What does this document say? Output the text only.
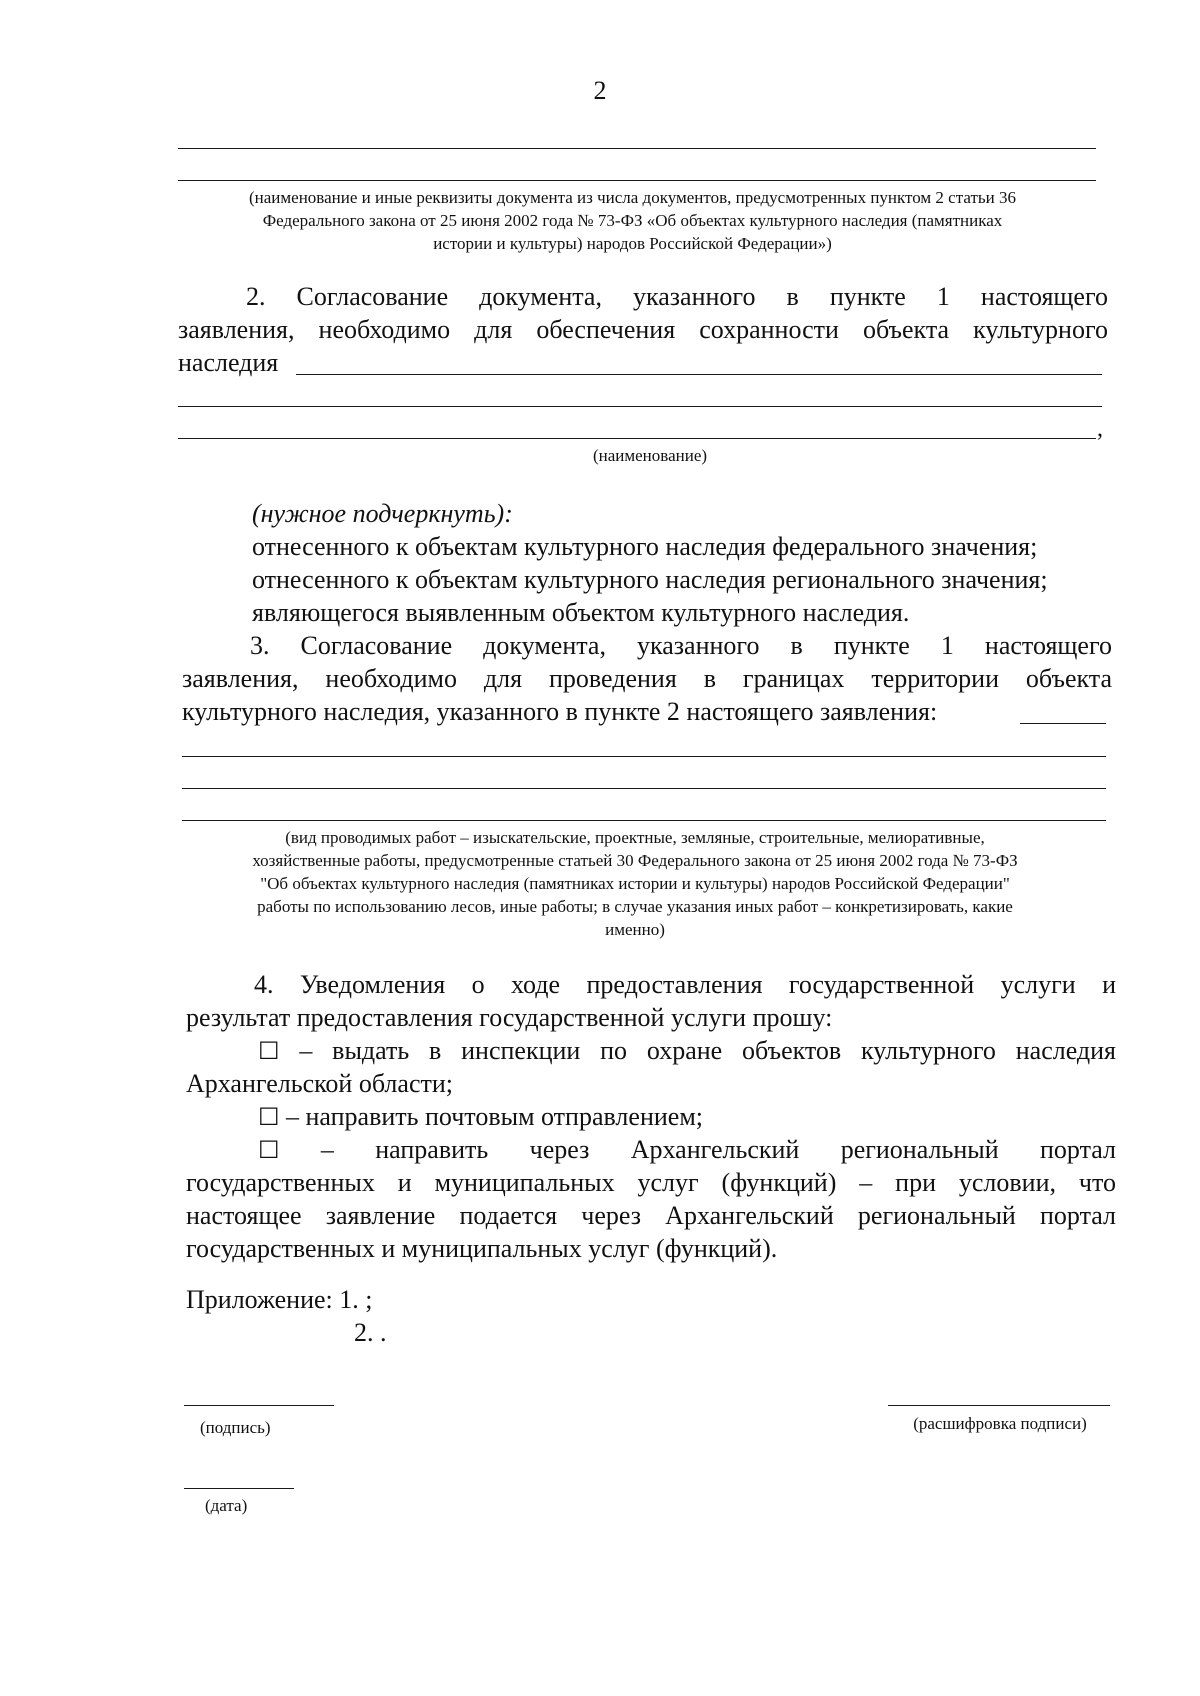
2
(наименование и иные реквизиты документа из числа документов, предусмотренных пунктом 2 статьи 36
Федерального закона от 25 июня 2002 года № 73-ФЗ «Об объектах культурного наследия (памятниках
истории и культуры) народов Российской Федерации»)
2. Согласование документа, указанного в пункте 1 настоящего
заявления, необходимо для обеспечения сохранности объекта культурного
наследия
,
(наименование)
(нужное подчеркнуть):
отнесенного к объектам культурного наследия федерального значения;
отнесенного к объектам культурного наследия регионального значения;
являющегося выявленным объектом культурного наследия.
3. Согласование документа, указанного в пункте 1 настоящего
заявления, необходимо для проведения в границах территории объекта
культурного наследия, указанного в пункте 2 настоящего заявления:
(вид проводимых работ – изыскательские, проектные, земляные, строительные, мелиоративные,
хозяйственные работы, предусмотренные статьей 30 Федерального закона от 25 июня 2002 года № 73-ФЗ
"Об объектах культурного наследия (памятниках истории и культуры) народов Российской Федерации"
работы по использованию лесов, иные работы; в случае указания иных работ – конкретизировать, какие
именно)
4. Уведомления о ходе предоставления государственной услуги и
результат предоставления государственной услуги прошу:
☐ – выдать в инспекции по охране объектов культурного наследия
Архангельской области;
☐ – направить почтовым отправлением;
☐ – направить через Архангельский региональный портал
государственных и муниципальных услуг (функций) – при условии, что
настоящее заявление подается через Архангельский региональный портал
государственных и муниципальных услуг (функций).
Приложение: 1. ;
2. .
(подпись)	(расшифровка подписи)
(дата)
